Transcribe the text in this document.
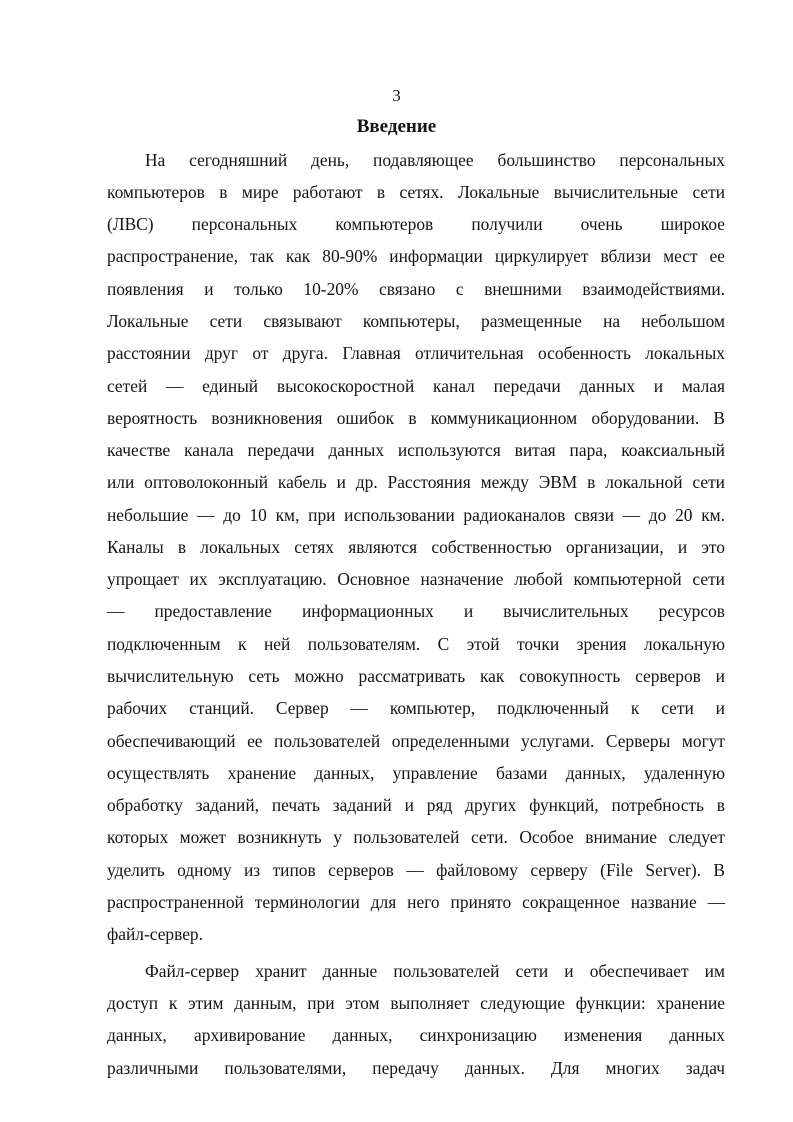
3
Введение
На сегодняшний день, подавляющее большинство персональных
компьютеров в мире работают в сетях. Локальные вычислительные сети
(ЛВС) персональных компьютеров получили очень широкое
распространение, так как 80-90% информации циркулирует вблизи мест ее
появления и только 10-20% связано с внешними взаимодействиями.
Локальные сети связывают компьютеры, размещенные на небольшом
расстоянии друг от друга. Главная отличительная особенность локальных
сетей — единый высокоскоростной канал передачи данных и малая
вероятность возникновения ошибок в коммуникационном оборудовании. В
качестве канала передачи данных используются витая пара, коаксиальный
или оптоволоконный кабель и др. Расстояния между ЭВМ в локальной сети
небольшие — до 10 км, при использовании радиоканалов связи — до 20 км.
Каналы в локальных сетях являются собственностью организации, и это
упрощает их эксплуатацию. Основное назначение любой компьютерной сети
— предоставление информационных и вычислительных ресурсов
подключенным к ней пользователям. С этой точки зрения локальную
вычислительную сеть можно рассматривать как совокупность серверов и
рабочих станций. Сервер — компьютер, подключенный к сети и
обеспечивающий ее пользователей определенными услугами. Серверы могут
осуществлять хранение данных, управление базами данных, удаленную
обработку заданий, печать заданий и ряд других функций, потребность в
которых может возникнуть у пользователей сети. Особое внимание следует
уделить одному из типов серверов — файловому серверу (File Server). В
распространенной терминологии для него принято сокращенное название —
файл-сервер.
Файл-сервер хранит данные пользователей сети и обеспечивает им
доступ к этим данным, при этом выполняет следующие функции: хранение
данных, архивирование данных, синхронизацию изменения данных
различными пользователями, передачу данных. Для многих задач
